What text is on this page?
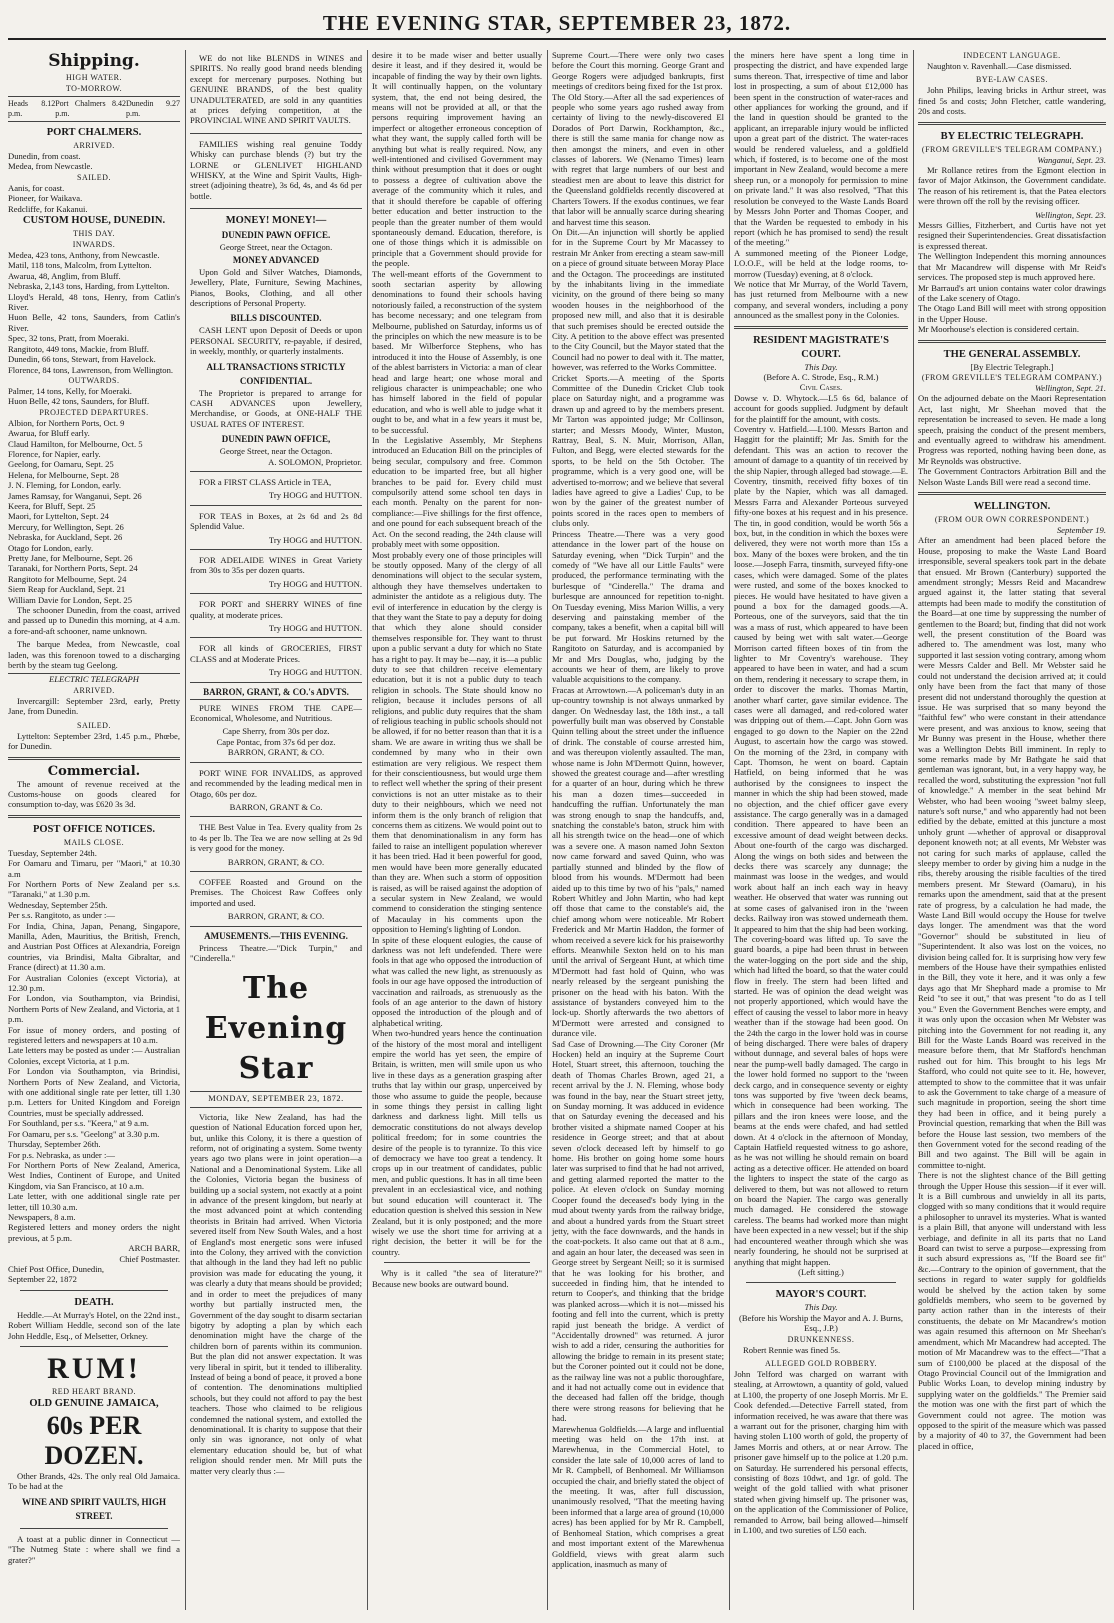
THE EVENING STAR, SEPTEMBER 23, 1872.
Shipping.
HIGH WATER.
TO-MORROW.
Heads 8.12 p.m.
Port Chalmers 8.42 p.m.
Dunedin 9.27 p.m.
PORT CHALMERS.
ARRIVED.
Dunedin, from coast.
Medea, from Newcastle.
SAILED.
Aanis, for coast.
Pioneer, for Waikava.
Redcliffe, for Kakanui.
CUSTOM HOUSE, DUNEDIN.
THIS DAY.
INWARDS.
Medea, 423 tons, Anthony, from Newcastle.
Matil, 118 tons, Malcolm, from Lyttelton.
Awarua, 48, Anglim, from Bluff.
Nebraska, 2,143 tons, Harding, from Lyttelton.
Lloyd's Herald, 48 tons, Henry, from Catlin's River.
Huon Belle, 42 tons, Saunders, from Catlin's River.
Spec, 32 tons, Pratt, from Moeraki.
Rangitoto, 449 tons, Mackie, from Bluff.
Dunedin, 66 tons, Stewart, from Havelock.
Florence, 84 tons, Lawrenson, from Wellington.
OUTWARDS.
Palmer, 14 tons, Kelly, for Moeraki.
Huon Belle, 42 tons, Saunders, for Bluff.
PROJECTED DEPARTURES.
Albion, for Northern Ports, Oct. 9
Awarua, for Bluff early.
Claud Hamilton, for Melbourne, Oct. 5
Florence, for Napier, early.
Geelong, for Oamaru, Sept. 25
Helena, for Melbourne, Sept. 28
J. N. Fleming, for London, early.
James Ramsay, for Wanganui, Sept. 26
Keera, for Bluff, Sept. 25
Maori, for Lyttelton, Sept. 24
Mercury, for Wellington, Sept. 26
Nebraska, for Auckland, Sept. 26
Otago for London, early.
Pretty Jane, for Melbourne, Sept. 26
Taranaki, for Northern Ports, Sept. 24
Rangitoto for Melbourne, Sept. 24
Siem Reap for Auckland, Sept. 21
William Davie for London, Sept. 25

The schooner Dunedin, from the coast, arrived and passed up to Dunedin this morning, at 4 a.m. a fore-and-aft schooner, name unknown.

The barque Medea, from Newcastle, coal laden, was this forenoon towed to a discharging berth by the steam tug Geelong.

ELECTRIC TELEGRAPH
ARRIVED.

Invercargill: September 23rd, early, Pretty Jane, from Dunedin.

SAILED.

Lyttelton: September 23rd, 1.45 p.m., Phœbe, for Dunedin.

Commercial.

The amount of revenue received at the Customs-house on goods cleared for consumption to-day, was £620 3s 3d.

POST OFFICE NOTICES.
MAILS CLOSE.
Tuesday, September 24th.
For Oamaru and Timaru, per "Maori," at 10.30 a.m
For Northern Ports of New Zealand per s.s. "Taranaki," at 1.30 p.m.
Wednesday, September 25th.
Per s.s. Rangitoto, as under :—
For India, China, Japan, Penang, Singapore, Manilla, Aden, Mauritius, the British, French, and Austrian Post Offices at Alexandria, Foreign countries, via Brindisi, Malta Gibraltar, and France (direct) at 11.30 a.m.
For Australian Colonies (except Victoria), at 12.30 p.m.
For London, via Southampton, via Brindisi, Northern Ports of New Zealand, and Victoria, at 1 p.m.
For issue of money orders, and posting of registered letters and newspapers at 10 a.m.
Late letters may be posted as under :— Australian Colonies, except Victoria, at 1 p.m.
For London via Southampton, via Brindisi, Northern Ports of New Zealand, and Victoria, with one additional single rate per letter, till 1.30 p.m. Letters for United Kingdom and Foreign Countries, must be specially addressed.
For Southland, per s.s. "Keera," at 9 a.m.
For Oamaru, per s.s. "Geelong" at 3.30 p.m.
Thursday, September 26th.
For p.s. Nebraska, as under :—
For Northern Ports of New Zealand, America, West Indies, Continent of Europe, and United Kingdom, via San Francisco, at 10 a.m.
Late letter, with one additional single rate per letter, till 10.30 a.m.
Newspapers, 8 a.m.
Registered letters and money orders the night previous, at 5 p.m.
ARCH BARR,
Chief Postmaster.
Chief Post Office, Dunedin,
September 22, 1872
DEATH.

Heddle.—At Murray's Hotel, on the 22nd inst., Robert William Heddle, second son of the late John Heddle, Esq., of Melsetter, Orkney.

RUM!
RED HEART BRAND.
OLD GENUINE JAMAICA,
60s PER DOZEN.

Other Brands, 42s. The only real Old Jamaica. To be had at the

WINE AND SPIRIT VAULTS, HIGH STREET.

A toast at a public dinner in Connecticut — "The Nutmeg State : where shall we find a grater?"

WE do not like BLENDS in WINES and SPIRITS. No really good brand needs blending except for mercenary purposes. Nothing but GENUINE BRANDS, of the best quality UNADULTERATED, are sold in any quantities at prices defying competition, at the PROVINCIAL WINE AND SPIRIT VAULTS.

FAMILIES wishing real genuine Toddy Whisky can purchase blends (?) but try the LORNE or GLENLIVET HIGHLAND WHISKY, at the Wine and Spirit Vaults, High-street (adjoining theatre), 3s 6d, 4s, and 4s 6d per bottle.

MONEY! MONEY!—
DUNEDIN PAWN OFFICE.
George Street, near the Octagon.
MONEY ADVANCED

Upon Gold and Silver Watches, Diamonds, Jewellery, Plate, Furniture, Sewing Machines, Pianos, Books, Clothing, and all other descriptions of Personal Property.

BILLS DISCOUNTED.

CASH LENT upon Deposit of Deeds or upon PERSONAL SECURITY, re-payable, if desired, in weekly, monthly, or quarterly instalments.

ALL TRANSACTIONS STRICTLY CONFIDENTIAL.

The Proprietor is prepared to arrange for CASH ADVANCES upon Jewellery, Merchandise, or Goods, at ONE-HALF THE USUAL RATES OF INTEREST.

DUNEDIN PAWN OFFICE,
George Street, near the Octagon.
A. SOLOMON, Proprietor.

FOR a FIRST CLASS Article in TEA,

Try HOGG and HUTTON.

FOR TEAS in Boxes, at 2s 6d and 2s 8d Splendid Value.

Try HOGG and HUTTON.

FOR ADELAIDE WINES in Great Variety from 30s to 35s per dozen quarts.

Try HOGG and HUTTON.

FOR PORT and SHERRY WINES of fine quality, at moderate prices.

Try HOGG and HUTTON.

FOR all kinds of GROCERIES, FIRST CLASS and at Moderate Prices.

Try HOGG and HUTTON.
BARRON, GRANT, & CO.'s ADVTS.

PURE WINES FROM THE CAPE— Economical, Wholesome, and Nutritious.

Cape Sherry, from 30s per doz.
Cape Pontac, from 37s 6d per doz.
BARRON, GRANT, & CO.

PORT WINE FOR INVALIDS, as approved and recommended by the leading medical men in Otago, 60s per doz.

BARRON, GRANT & Co.

THE Best Value in Tea. Every quality from 2s to 4s per lb. The Tea we are now selling at 2s 9d is very good for the money.

BARRON, GRANT, & CO.

COFFEE Roasted and Ground on the Premises. The Choicest Raw Coffees only imported and used.

BARRON, GRANT, & CO.
AMUSEMENTS.—THIS EVENING.

Princess Theatre.—"Dick Turpin," and "Cinderella."

The Evening Star
MONDAY, SEPTEMBER 23, 1872.

Victoria, like New Zealand, has had the question of National Education forced upon her, but, unlike this Colony, it is there a question of reform, not of originating a system. Some twenty years ago two plans were in joint operation—a National and a Denominational System. Like all the Colonies, Victoria began the business of building up a social system, not exactly at a point in advance of the present kingdom, but nearly at the most advanced point at which contending theorists in Britain had arrived. When Victoria severed itself from New South Wales, and a host of England's most energetic sons were infused into the Colony, they arrived with the conviction that although in the land they had left no public provision was made for educating the young, it was clearly a duty that means should be provided; and in order to meet the prejudices of many worthy but partially instructed men, the Government of the day sought to disarm sectarian bigotry by adopting a plan by which each denomination might have the charge of the children born of parents within its communion. But the plan did not answer expectation. It was very liberal in spirit, but it tended to illiberality. Instead of being a bond of peace, it proved a bone of contention. The denominations multiplied schools, but they could not afford to pay the best teachers. Those who claimed to be religious condemned the national system, and extolled the denominational. It is charity to suppose that their only sin was ignorance, not only of what elementary education should be, but of what religion should render men. Mr Mill puts the matter very clearly thus :—

desire it to be made wiser and better usually desire it least, and if they desired it, would be incapable of finding the way by their own lights. It will continually happen, on the voluntary system, that, the end not being desired, the means will not be provided at all, or that the persons requiring improvement having an imperfect or altogether erroneous conception of what they want, the supply called forth will be anything but what is really required. Now, any well-intentioned and civilised Government may think without presumption that it does or ought to possess a degree of cultivation above the average of the community which it rules, and that it should therefore be capable of offering better education and better instruction to the people than the greater number of them would spontaneously demand. Education, therefore, is one of those things which it is admissible on principle that a Government should provide for the people.
The well-meant efforts of the Government to sooth sectarian asperity by allowing denominations to found their schools having notoriously failed, a reconstruction of the system has become necessary; and one telegram from Melbourne, published on Saturday, informs us of the principles on which the new measure is to be based. Mr Wilberforce Stephens, who has introduced it into the House of Assembly, is one of the ablest barristers in Victoria: a man of clear head and large heart; one whose moral and religious character is unimpeachable; one who has himself labored in the field of popular education, and who is well able to judge what it ought to be, and what in a few years it must be, to be successful.
In the Legislative Assembly, Mr Stephens introduced an Education Bill on the principles of being secular, compulsory and free. Common education to be imparted free, but all higher branches to be paid for. Every child must compulsorily attend some school ten days in each month. Penalty on the parent for non-compliance:—Five shillings for the first offence, and one pound for each subsequent breach of the Act. On the second reading, the 24th clause will probably meet with some opposition.
Most probably every one of those principles will be stoutly opposed. Many of the clergy of all denominations will object to the secular system, although they have themselves undertaken to administer the antidote as a religious duty. The evil of interference in education by the clergy is that they want the State to pay a deputy for doing that which they alone should consider themselves responsible for. They want to thrust upon a public servant a duty for which no State has a right to pay. It may be—nay, it is—a public duty to see that children receive elementary education, but it is not a public duty to teach religion in schools. The State should know no religion, because it includes persons of all religions, and public duty requires that the sham of religious teaching in public schools should not be allowed, if for no better reason than that it is a sham. We are aware in writing thus we shall be condemned by many who in their own estimation are very religious. We respect them for their conscientiousness, but would urge them to reflect well whether the spring of their present convictions is not an utter mistake as to their duty to their neighbours, which we need not inform them is the only branch of religion that concerns them as citizens. We would point out to them that denominationalism in any form has failed to raise an intelligent population wherever it has been tried. Had it been powerful for good, men would have been more generally educated than they are. When such a storm of opposition is raised, as will be raised against the adoption of a secular system in New Zealand, we would commend to consideration the stinging sentence of Macaulay in his comments upon the opposition to Heming's lighting of London.
In spite of these eloquent eulogies, the cause of darkness was not left undefended. There were fools in that age who opposed the introduction of what was called the new light, as strenuously as fools in our age have opposed the introduction of vaccination and railroads, as strenuously as the fools of an age anterior to the dawn of history opposed the introduction of the plough and of alphabetical writing.
When two-hundred years hence the continuation of the history of the most moral and intelligent empire the world has yet seen, the empire of Britain, is written, men will smile upon us who live in these days as a generation grasping after truths that lay within our grasp, unperceived by those who assume to guide the people, because in some things they persist in calling light darkness and darkness light. Mill tells us democratic constitutions do not always develop political freedom; for in some countries the desire of the people is to tyrannize. To this vice of democracy we have too great a tendency. It crops up in our treatment of candidates, public men, and public questions. It has in all time been prevalent in an ecclesiastical vice, and nothing but sound education will counteract it. The education question is shelved this session in New Zealand, but it is only postponed; and the more wisely we use the short time for arriving at a right decision, the better it will be for the country.

Why is it called "the sea of literature?" Because new books are outward bound.

Supreme Court.—There were only two cases before the Court this morning. George Grant and George Rogers were adjudged bankrupts, first meetings of creditors being fixed for the 1st prox.
The Old Story.—After all the sad experiences of people who some years ago rushed away from certainty of living to the newly-discovered El Dorados of Port Darwin, Rockhampton, &c., there is still the same mania for change now as then amongst the miners, and even in other classes of laborers. We (Nenamo Times) learn with regret that large numbers of our best and steadiest men are about to leave this district for the Queensland goldfields recently discovered at Charters Towers. If the exodus continues, we fear that labor will be annually scarce during shearing and harvest time this season.
On Dit.—An injunction will shortly be applied for in the Supreme Court by Mr Macassey to restrain Mr Anker from erecting a steam saw-mill on a piece of ground situate between Moray Place and the Octagon. The proceedings are instituted by the inhabitants living in the immediate vicinity, on the ground of there being so many wooden houses in the neighborhood of the proposed new mill, and also that it is desirable that such premises should be erected outside the City. A petition to the above effect was presented to the City Council, but the Mayor stated that the Council had no power to deal with it. The matter, however, was referred to the Works Committee.
Cricket Sports.—A meeting of the Sports Committee of the Dunedin Cricket Club took place on Saturday night, and a programme was drawn up and agreed to by the members present. Mr Tarton was appointed judge; Mr Collinson, starter; and Messrs Moody, Winter, Muston, Rattray, Beal, S. N. Muir, Morrison, Allan, Fulton, and Begg, were elected stewards for the sports, to be held on the 5th October. The programme, which is a very good one, will be advertised to-morrow; and we believe that several ladies have agreed to give a Ladies' Cup, to be won by the gainer of the greatest number of points scored in the races open to members of clubs only.
Princess Theatre.—There was a very good attendance in the lower part of the house on Saturday evening, when "Dick Turpin" and the comedy of "We have all our Little Faults" were produced, the performance terminating with the burlesque of "Cinderella." The drama and burlesque are announced for repetition to-night. On Tuesday evening, Miss Marion Willis, a very deserving and painstaking member of the company, takes a benefit, when a capital bill will be put forward. Mr Hoskins returned by the Rangitoto on Saturday, and is accompanied by Mr and Mrs Douglas, who, judging by the accounts we hear of them, are likely to prove valuable acquisitions to the company.
Fracas at Arrowtown.—A policeman's duty in an up-country township is not always unmarked by danger. On Wednesday last, the 18th inst., a tall powerfully built man was observed by Constable Quinn telling about the street under the influence of drink. The constable of course arrested him, and was thereupon violently assaulted. The man, whose name is John M'Dermott Quinn, however, showed the greatest courage and—after wrestling for a quarter of an hour, during which he threw his man a dozen times—succeeded in handcuffing the ruffian. Unfortunately the man was strong enough to snap the handcuffs, and, snatching the constable's baton, struck him with all his strength twice on the head—one of which was a severe one. A mason named John Sexton now came forward and saved Quinn, who was partially stunned and blinded by the flow of blood from his wounds. M'Dermott had been aided up to this time by two of his "pals," named Robert Whitley and John Martin, who had kept off those that came to the constable's aid, the chief among whom were noticeable. Mr Robert Frederick and Mr Martin Haddon, the former of whom received a severe kick for his praiseworthy efforts. Meanwhile Sexton held on to his man until the arrival of Sergeant Hunt, at which time M'Dermott had fast hold of Quinn, who was nearly released by the sergeant punishing the prisoner on the head with his baton. With the assistance of bystanders conveyed him to the lock-up. Shortly afterwards the two abettors of M'Dermott were arrested and consigned to durance vile.
Sad Case of Drowning.—The City Coroner (Mr Hocken) held an inquiry at the Supreme Court Hotel, Stuart street, this afternoon, touching the death of Thomas Charles Brown, aged 21, a recent arrival by the J. N. Fleming, whose body was found in the bay, near the Stuart street jetty, on Sunday morning. It was adduced in evidence that on Saturday evening the deceased and his brother visited a shipmate named Cooper at his residence in George street; and that at about seven o'clock deceased left by himself to go home. His brother on going home some hours later was surprised to find that he had not arrived, and getting alarmed reported the matter to the police. At eleven o'clock on Sunday morning Cooper found the deceased's body lying in the mud about twenty yards from the railway bridge, and about a hundred yards from the Stuart street jetty, with the face downwards, and the hands in the coat-pockets. It also came out that at 8 a.m., and again an hour later, the deceased was seen in George street by Sergeant Neill; so it is surmised that he was looking for his brother, and succeeded in finding him, that he intended to return to Cooper's, and thinking that the bridge was planked across—which it is not—missed his footing and fell into the current, which is pretty rapid just beneath the bridge. A verdict of "Accidentally drowned" was returned. A juror wish to add a rider, censuring the authorities for allowing the bridge to remain in its present state; but the Coroner pointed out it could not be done, as the railway line was not a public thoroughfare, and it had not actually come out in evidence that the deceased had fallen off the bridge, though there were strong reasons for believing that he had.
Marewhenua Goldfields.—A large and influential meeting was held on the 17th inst. at Marewhenua, in the Commercial Hotel, to consider the late sale of 10,000 acres of land to Mr R. Campbell, of Benhomeal. Mr Williamson occupied the chair, and briefly stated the object of the meeting. It was, after full discussion, unanimously resolved, "That the meeting having been informed that a large area of ground (10,000 acres) has been applied for by Mr R. Campbell, of Benhomeal Station, which comprises a great and most important extent of the Marewhenua Goldfield, views with great alarm such application, inasmuch as many of
the miners here have spent a long time in prospecting the district, and have expended large sums thereon. That, irrespective of time and labor lost in prospecting, a sum of about £12,000 has been spent in the construction of water-races and other appliances for working the ground, and if the land in question should be granted to the applicant, an irreparable injury would be inflicted upon a great part of the district. The water-races would be rendered valueless, and a goldfield which, if fostered, is to become one of the most important in New Zealand, would become a mere sheep run, or a monopoly for permission to mine on private land." It was also resolved, "That this resolution be conveyed to the Waste Lands Board by Messrs John Porter and Thomas Cooper, and that the Warden be requested to embody in his report (which he has promised to send) the result of the meeting."
A summoned meeting of the Pioneer Lodge, I.O.O.F., will be held at the lodge rooms, to-morrow (Tuesday) evening, at 8 o'clock.
We notice that Mr Murray, of the World Tavern, has just returned from Melbourne with a new company, and several wonders, including a pony announced as the smallest pony in the Colonies.
RESIDENT MAGISTRATE'S COURT.
This Day.
(Before A. C. Strode, Esq., R.M.)
Civil Cases.
Dowse v. D. Whytock.—L5 6s 6d, balance of account for goods supplied. Judgment by default for the plaintiff for the amount, with costs.
Coventry v. Hatfield.—L100. Messrs Barton and Haggitt for the plaintiff; Mr Jas. Smith for the defendant. This was an action to recover the amount of damage to a quantity of tin received by the ship Napier, through alleged bad stowage.—E. Coventry, tinsmith, received fifty boxes of tin plate by the Napier, which was all damaged. Messrs Farra and Alexander Porteous surveyed fifty-one boxes at his request and in his presence. The tin, in good condition, would be worth 56s a box, but, in the condition in which the boxes were delivered, they were not worth more than 15s a box. Many of the boxes were broken, and the tin loose.—Joseph Farra, tinsmith, surveyed fifty-one cases, which were damaged. Some of the plates were rusted, and some of the boxes knocked to pieces. He would have hesitated to have given a pound a box for the damaged goods.—A. Porteous, one of the surveyors, said that the tin was a mass of rust, which appeared to have been caused by being wet with salt water.—George Morrison carted fifteen boxes of tin from the lighter to Mr Coventry's warehouse. They appeared to have been in water, and had a scum on them, rendering it necessary to scrape them, in order to discover the marks. Thomas Martin, another wharf carter, gave similar evidence. The cases were all damaged, and red-colored water was dripping out of them.—Capt. John Gorn was engaged to go down to the Napier on the 22nd August, to ascertain how the cargo was stowed. On the morning of the 23rd, in company with Capt. Thomson, he went on board. Captain Hatfield, on being informed that he was authorised by the consignees to inspect the manner in which the ship had been stowed, made no objection, and the chief officer gave every assistance. The cargo generally was in a damaged condition. There appeared to have been an excessive amount of dead weight between decks. About one-fourth of the cargo was discharged. Along the wings on both sides and between the decks there was scarcely any dunnage; the mainmast was loose in the wedges, and would work about half an inch each way in heavy weather. He observed that water was running out at some cases of galvanised iron in the 'tween decks. Railway iron was stowed underneath them. It appeared to him that the ship had been working. The covering-board was lifted up. To save the guard boards, a pipe had been thrust in between the water-logging on the port side and the ship, which had lifted the board, so that the water could flow in freely. The stern had been lifted and started. He was of opinion the dead weight was not properly apportioned, which would have the effect of causing the vessel to labor more in heavy weather than if the stowage had been good. On the 24th the cargo in the lower hold was in course of being discharged. There were bales of drapery without dunnage, and several bales of hops were near the pump-well badly damaged. The cargo in the lower hold formed no support to the 'tween deck cargo, and in consequence seventy or eighty tons was supported by five 'tween deck beams, which in consequence had been working. The pillars and the iron knees were loose, and the beams at the ends were chafed, and had settled down. At 4 o'clock in the afternoon of Monday, Captain Hatfield requested witness to go ashore, as he was not willing he should remain on board acting as a detective officer. He attended on board the lighters to inspect the state of the cargo as delivered to them, but was not allowed to return on board the Napier. The cargo was generally much damaged. He considered the stowage careless. The beams had worked more than might have been expected in a new vessel; but if the ship had encountered weather through which she was nearly foundering, he should not be surprised at anything that might happen.
(Left sitting.)
MAYOR'S COURT.
This Day.
(Before his Worship the Mayor and A. J. Burns, Esq., J.P.)
DRUNKENNESS.

Robert Rennie was fined 5s.

ALLEGED GOLD ROBBERY.
John Telford was charged on warrant with stealing, at Arrowtown, a quantity of gold, valued at L100, the property of one Joseph Morris. Mr E. Cook defended.—Detective Farrell stated, from information received, he was aware that there was a warrant out for the prisoner, charging him with having stolen L100 worth of gold, the property of James Morris and others, at or near Arrow. The prisoner gave himself up to the police at 1.20 p.m. on Saturday. He surrendered his personal effects, consisting of 8ozs 10dwt, and 1gr. of gold. The weight of the gold tallied with what prisoner stated when giving himself up. The prisoner was, on the application of the Commissioner of Police, remanded to Arrow, bail being allowed—himself in L100, and two sureties of L50 each.
INDECENT LANGUAGE.

Naughton v. Ravenhall.—Case dismissed.

BYE-LAW CASES.

John Philips, leaving bricks in Arthur street, was fined 5s and costs; John Fletcher, cattle wandering, 20s and costs.

BY ELECTRIC TELEGRAPH.
(FROM GREVILLE'S TELEGRAM COMPANY.)
Wanganui, Sept. 23.

Mr Rollance retires from the Egmont election in favor of Major Atkinson, the Government candidate. The reason of his retirement is, that the Patea electors were thrown off the roll by the revising officer.

Wellington, Sept. 23.
Messrs Gillies, Fitzherbert, and Curtis have not yet resigned their Superintendencies. Great dissatisfaction is expressed thereat.
The Wellington Independent this morning announces that Mr Macandrew will dispense with Mr Reid's services. The proposed step is much approved here.
Mr Barraud's art union contains water color drawings of the Lake scenery of Otago.
The Otago Land Bill will meet with strong opposition in the Upper House.
Mr Moorhouse's election is considered certain.
THE GENERAL ASSEMBLY.
[By Electric Telegraph.]
(FROM GREVILLE'S TELEGRAM COMPANY.)
Wellington, Sept. 21.
On the adjourned debate on the Maori Representation Act, last night, Mr Sheehan moved that the representation be increased to seven. He made a long speech, praising the conduct of the present members, and eventually agreed to withdraw his amendment. Progress was reported, nothing having been done, as Mr Reynolds was obstructive.
The Government Contractors Arbitration Bill and the Nelson Waste Lands Bill were read a second time.
WELLINGTON.
(FROM OUR OWN CORRESPONDENT.)
September 19.
After an amendment had been placed before the House, proposing to make the Waste Land Board irresponsible, several speakers took part in the debate that ensued. Mr Brown (Canterbury) supported the amendment strongly; Messrs Reid and Macandrew argued against it, the latter stating that several attempts had been made to modify the constitution of the Board—at one time by suppressing the number of gentlemen to the Board; but, finding that did not work well, the present constitution of the Board was adhered to. The amendment was lost, many who supported it last session voting contrary, among whom were Messrs Calder and Bell. Mr Webster said he could not understand the decision arrived at; it could only have been from the fact that many of those present did not understand thoroughly the question at issue. He was surprised that so many beyond the "faithful few" who were constant in their attendance were present, and was anxious to know, seeing that Mr Bunny was present in the House, whether there was a Wellington Debts Bill imminent. In reply to some remarks made by Mr Bathgate he said that gentleman was ignorant, but, in a very happy way, he recalled the word, substituting the expression "not full of knowledge." A member in the seat behind Mr Webster, who had been wooing "sweet balmy sleep, nature's soft nurse," and who apparently had not been edified by the debate, emitted at this juncture a most unholy grunt —whether of approval or disapproval deponent knoweth not; at all events, Mr Webster was not caring for such marks of applause, called the sleepy member to order by giving him a nudge in the ribs, thereby arousing the risible faculties of the tired members present. Mr Steward (Oamaru), in his remarks upon the amendment, said that at the present rate of progress, by a calculation he had made, the Waste Land Bill would occupy the House for twelve days longer. The amendment was that the word "Governor" should be substituted in lieu of "Superintendent. It also was lost on the voices, no division being called for. It is surprising how very few members of the House have their sympathies enlisted in the Bill, they vote it here, and it was only a few days ago that Mr Shephard made a promise to Mr Reid "to see it out," that was present "to do as I tell you." Even the Government Benches were empty, and it was only upon the occasion when Mr Webster was pitching into the Government for not reading it, any Bill for the Waste Lands Board was received in the measure before them, that Mr Stafford's henchman rushed out for him. This brought to his legs Mr Stafford, who could not quite see to it. He, however, attempted to show to the committee that it was unfair to ask the Government to take charge of a measure of such magnitude in proportion, seeing the short time they had been in office, and it being purely a Provincial question, remarking that when the Bill was before the House last session, two members of the then Government voted for the second reading of the Bill and two against. The Bill will be again in committee to-night.
There is not the slightest chance of the Bill getting through the Upper House this session—if it ever will. It is a Bill cumbrous and unwieldy in all its parts, clogged with so many conditions that it would require a philosopher to unravel its mysteries. What is wanted is a plain Bill, that anyone will understand with less verbiage, and definite in all its parts that no Land Board can twist to serve a purpose—expressing from it such absurd expressions as, "If the Board see fit" &c.—Contrary to the opinion of government, that the sections in regard to water supply for goldfields would be shelved by the action taken by some goldfields members, who seem to be governed by party action rather than in the interests of their constituents, the debate on Mr Macandrew's motion was again resumed this afternoon on Mr Sheehan's amendment, which Mr Macandrew had accepted. The motion of Mr Macandrew was to the effect—"That a sum of £100,000 be placed at the disposal of the Otago Provincial Council out of the Immigration and Public Works Loan, to develop mining industry by supplying water on the goldfields." The Premier said the motion was one with the first part of which the Government could not agree. The motion was opposed to the spirit of the measure which was passed by a majority of 40 to 37, the Government had been placed in office,
